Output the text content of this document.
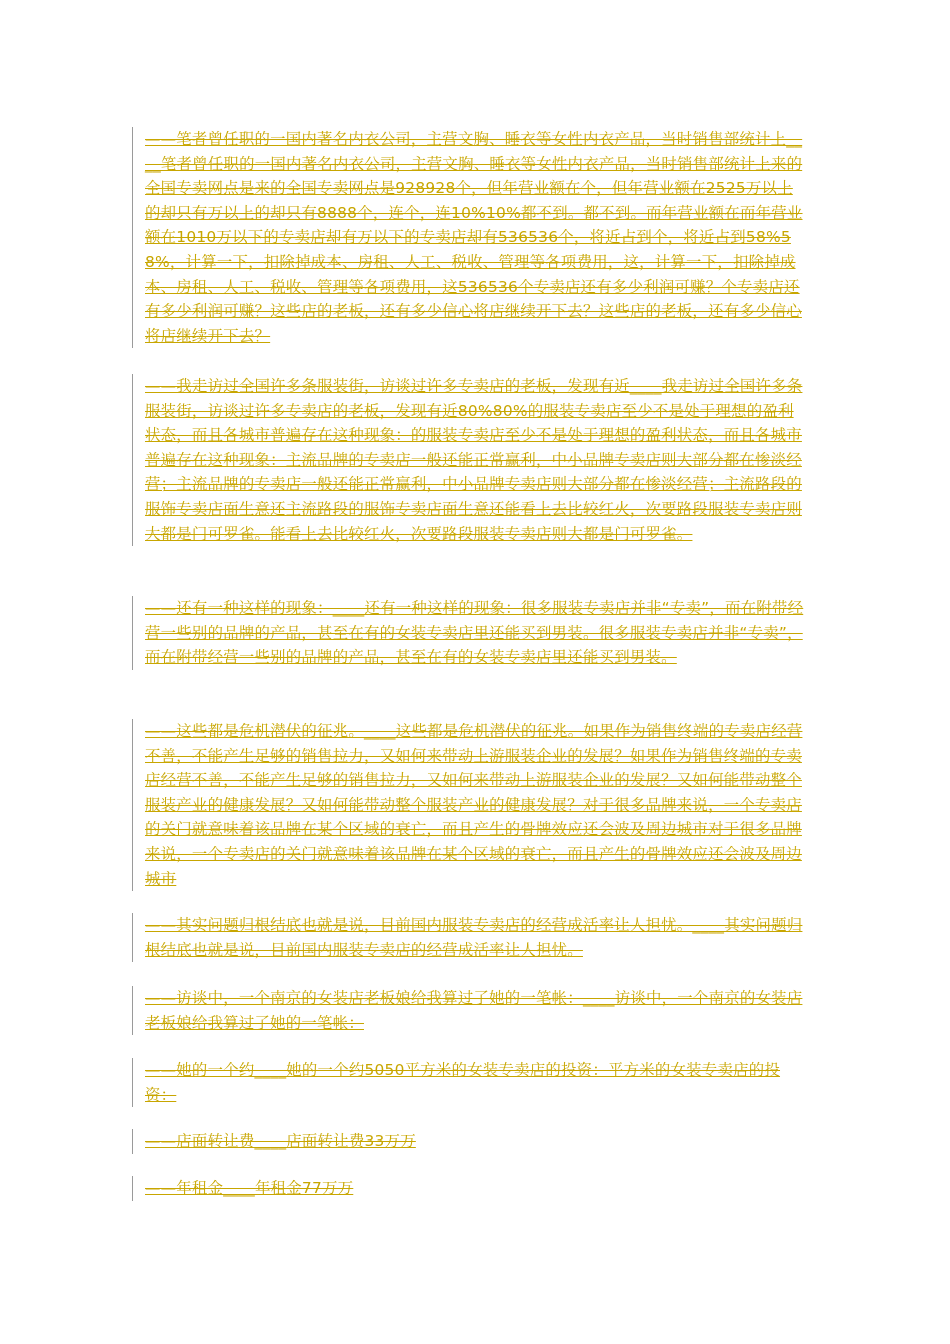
——笔者曾任职的一国内著名内衣公司，主营文胸、睡衣等女性内衣产品，当时销售部统计上____笔者曾任职的一国内著名内衣公司，主营文胸、睡衣等女性内衣产品，当时销售部统计上来的全国专卖网点是来的全国专卖网点是928928个，但年营业额在个，但年营业额在2525万以上的却只有万以上的却只有8888个，连个，连10%10%都不到。都不到。而年营业额在而年营业额在1010万以下的专卖店却有万以下的专卖店却有536536个，将近占到个，将近占到58%58%，计算一下，扣除掉成本、房租、人工、税收、管理等各项费用，这，计算一下，扣除掉成本、房租、人工、税收、管理等各项费用，这536536个专卖店还有多少利润可赚？个专卖店还有多少利润可赚？这些店的老板，还有多少信心将店继续开下去？这些店的老板，还有多少信心将店继续开下去？
——我走访过全国许多条服装街，访谈过许多专卖店的老板，发现有近____我走访过全国许多条服装街，访谈过许多专卖店的老板，发现有近80%80%的服装专卖店至少不是处于理想的盈利状态，而且各城市普遍存在这种现象：的服装专卖店至少不是处于理想的盈利状态，而且各城市普遍存在这种现象：主流品牌的专卖店一般还能正常赢利，中小品牌专卖店则大部分都在惨淡经营；主流品牌的专卖店一般还能正常赢利，中小品牌专卖店则大部分都在惨淡经营；主流路段的服饰专卖店面生意还主流路段的服饰专卖店面生意还能看上去比较红火，次要路段服装专卖店则大都是门可罗雀。能看上去比较红火，次要路段服装专卖店则大都是门可罗雀。
——还有一种这样的现象：____还有一种这样的现象：很多服装专卖店并非“专卖”，而在附带经营一些别的品牌的产品，甚至在有的女装专卖店里还能买到男装。很多服装专卖店并非“专卖”，而在附带经营一些别的品牌的产品，甚至在有的女装专卖店里还能买到男装。
——这些都是危机潜伏的征兆。____这些都是危机潜伏的征兆。如果作为销售终端的专卖店经营不善，不能产生足够的销售拉力，又如何来带动上游服装企业的发展？如果作为销售终端的专卖店经营不善，不能产生足够的销售拉力，又如何来带动上游服装企业的发展？又如何能带动整个服装产业的健康发展？又如何能带动整个服装产业的健康发展？对于很多品牌来说，一个专卖店的关门就意味着该品牌在某个区域的衰亡，而且产生的骨牌效应还会波及周边城市对于很多品牌来说，一个专卖店的关门就意味着该品牌在某个区域的衰亡，而且产生的骨牌效应还会波及周边城市
——其实问题归根结底也就是说，目前国内服装专卖店的经营成活率让人担忧。____其实问题归根结底也就是说，目前国内服装专卖店的经营成活率让人担忧。
——访谈中，一个南京的女装店老板娘给我算过了她的一笔帐：____访谈中，一个南京的女装店老板娘给我算过了她的一笔帐：
——她的一个约____她的一个约5050平方米的女装专卖店的投资：平方米的女装专卖店的投资：
——店面转让费____店面转让费33万万
——年租金____年租金77万万
